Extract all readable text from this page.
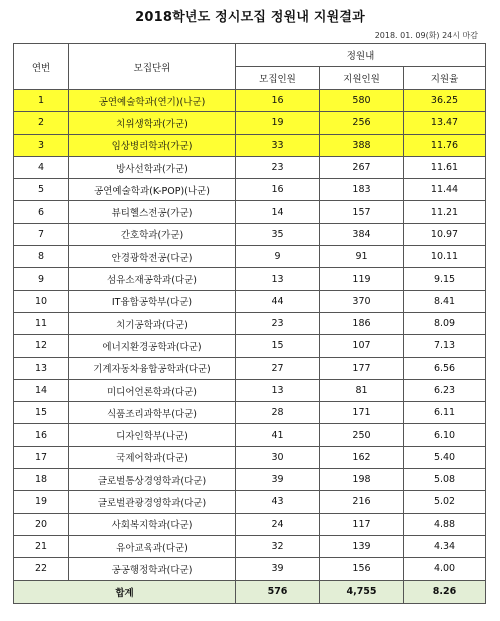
2018학년도 정시모집 정원내 지원결과
2018. 01. 09(화) 24시 마감
연번	모집단위	정원내		
		모집인원	지원인원	지원율
1	공연예술학과(연기)(나군)	16	580	36.25
2	치위생학과(가군)	19	256	13.47
3	임상병리학과(가군)	33	388	11.76
4	방사선학과(가군)	23	267	11.61
5	공연예술학과(K-POP)(나군)	16	183	11.44
6	뷰티헬스전공(가군)	14	157	11.21
7	간호학과(가군)	35	384	10.97
8	안경광학전공(다군)	9	91	10.11
9	섬유소재공학과(다군)	13	119	9.15
10	IT융합공학부(다군)	44	370	8.41
11	치기공학과(다군)	23	186	8.09
12	에너지환경공학과(다군)	15	107	7.13
13	기계자동차융합공학과(다군)	27	177	6.56
14	미디어언론학과(다군)	13	81	6.23
15	식품조리과학부(다군)	28	171	6.11
16	디자인학부(나군)	41	250	6.10
17	국제어학과(다군)	30	162	5.40
18	글로벌통상경영학과(다군)	39	198	5.08
19	글로벌관광경영학과(다군)	43	216	5.02
20	사회복지학과(다군)	24	117	4.88
21	유아교육과(다군)	32	139	4.34
22	공공행정학과(다군)	39	156	4.00
합계		576	4,755	8.26
